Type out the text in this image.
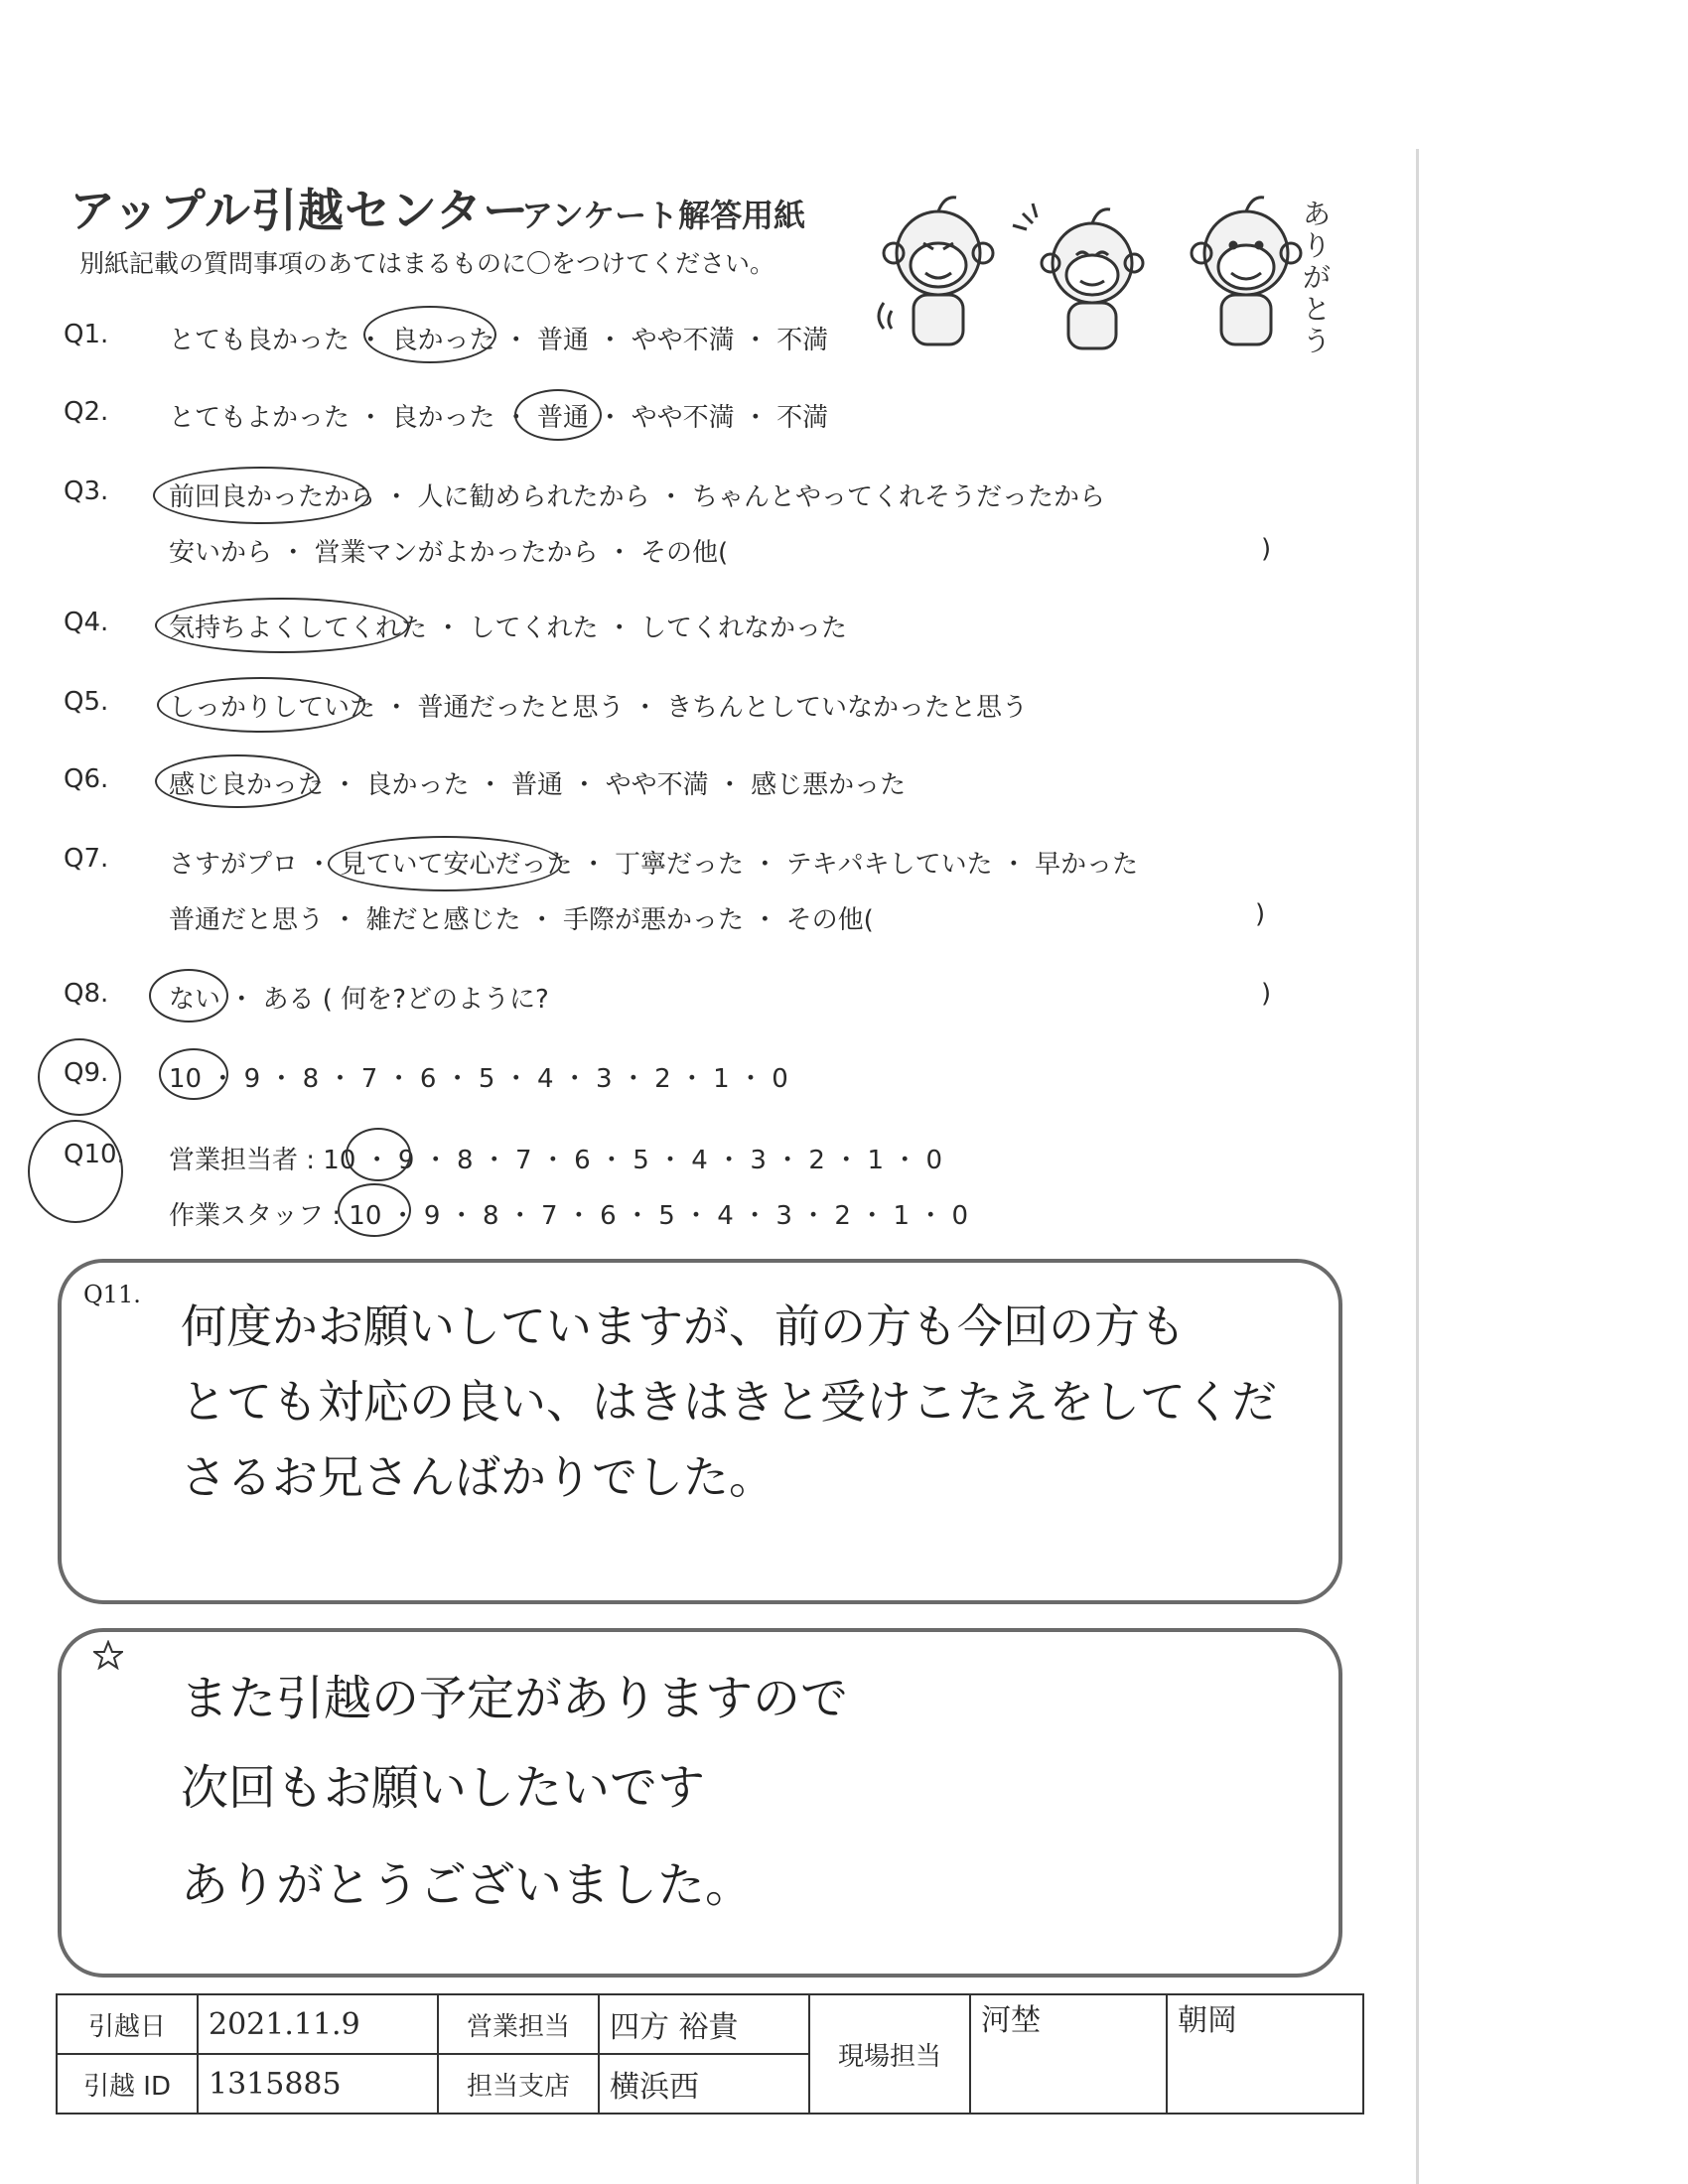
アップル引越センター
アンケート解答用紙
別紙記載の質問事項のあてはまるものに〇をつけてください。
ありがとう
Q1. とても良かった ・ 良かった ・ 普通 ・ やや不満 ・ 不満
Q2. とてもよかった ・ 良かった ・ 普通 ・ やや不満 ・ 不満
Q3. 前回良かったから ・ 人に勧められたから ・ ちゃんとやってくれそうだったから
安いから ・ 営業マンがよかったから ・ その他(	)
Q4. 気持ちよくしてくれた ・ してくれた ・ してくれなかった
Q5. しっかりしていた ・ 普通だったと思う ・ きちんとしていなかったと思う
Q6. 感じ良かった ・ 良かった ・ 普通 ・ やや不満 ・ 感じ悪かった
Q7. さすがプロ ・ 見ていて安心だった ・ 丁寧だった ・ テキパキしていた ・ 早かった
普通だと思う ・ 雑だと感じた ・ 手際が悪かった ・ その他(	)
Q8. ない ・ ある ( 何を?どのように?	)
Q9. 10 ・ 9 ・ 8 ・ 7 ・ 6 ・ 5 ・ 4 ・ 3 ・ 2 ・ 1 ・ 0
Q10. 営業担当者 : 10 ・ 9 ・ 8 ・ 7 ・ 6 ・ 5 ・ 4 ・ 3 ・ 2 ・ 1 ・ 0
作業スタッフ : 10 ・ 9 ・ 8 ・ 7 ・ 6 ・ 5 ・ 4 ・ 3 ・ 2 ・ 1 ・ 0
Q11.
何度かお願いしていますが、前の方も今回の方も
とても対応の良い、はきはきと受けこたえをしてくだ
さるお兄さんばかりでした。
また引越の予定がありますので
次回もお願いしたいです
ありがとうございました。
引越日	2021.11.9	営業担当	四方 裕貴	現場担当	河埜	朝岡
引越 ID	1315885	担当支店	横浜西			
